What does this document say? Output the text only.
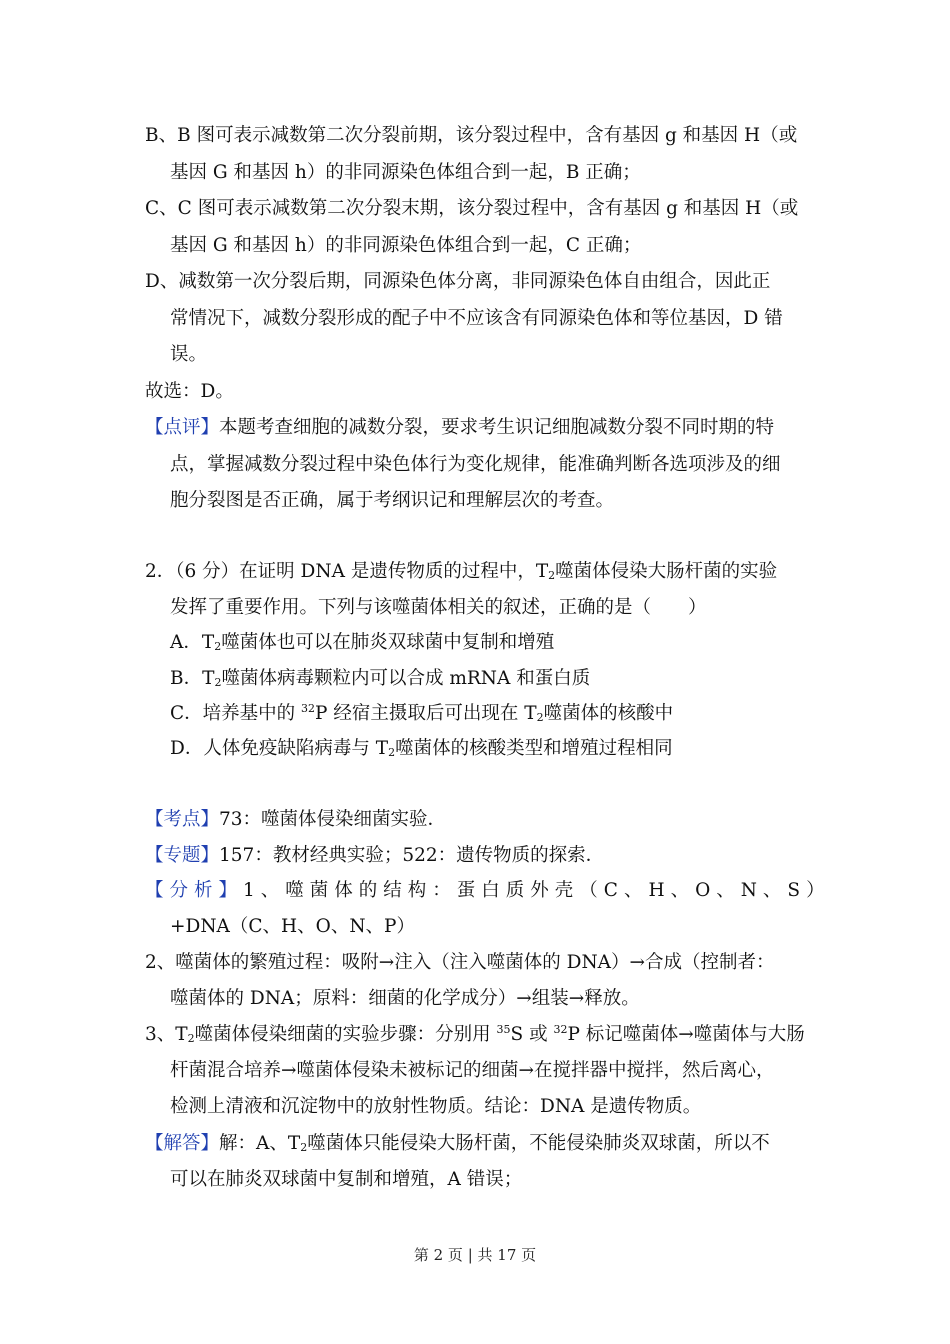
B、B 图可表示减数第二次分裂前期，该分裂过程中，含有基因 g 和基因 H（或
基因 G 和基因 h）的非同源染色体组合到一起，B 正确；
C、C 图可表示减数第二次分裂末期，该分裂过程中，含有基因 g 和基因 H（或
基因 G 和基因 h）的非同源染色体组合到一起，C 正确；
D、减数第一次分裂后期，同源染色体分离，非同源染色体自由组合，因此正
常情况下，减数分裂形成的配子中不应该含有同源染色体和等位基因，D 错
误。
故选：D。
【点评】本题考查细胞的减数分裂，要求考生识记细胞减数分裂不同时期的特
点，掌握减数分裂过程中染色体行为变化规律，能准确判断各选项涉及的细
胞分裂图是否正确，属于考纲识记和理解层次的考查。
2．（6 分）在证明 DNA 是遗传物质的过程中，$T_2$噬菌体侵染大肠杆菌的实验
发挥了重要作用。下列与该噬菌体相关的叙述，正确的是（　　）
A．$T_2$噬菌体也可以在肺炎双球菌中复制和增殖
B．$T_2$噬菌体病毒颗粒内可以合成 mRNA 和蛋白质
C．培养基中的 $^{32}$P 经宿主摄取后可出现在 $T_2$噬菌体的核酸中
D．人体免疫缺陷病毒与 $T_2$噬菌体的核酸类型和增殖过程相同
【考点】73：噬菌体侵染细菌实验．
【专题】157：教材经典实验；522：遗传物质的探索．
【分析】1、噬菌体的结构：蛋白质外壳（C、H、O、N、S）
+DNA（C、H、O、N、P）
2、噬菌体的繁殖过程：吸附→注入（注入噬菌体的 DNA）→合成（控制者：
噬菌体的 DNA；原料：细菌的化学成分）→组装→释放。
3、$T_2$噬菌体侵染细菌的实验步骤：分别用 $^{35}$S 或 $^{32}$P 标记噬菌体→噬菌体与大肠
杆菌混合培养→噬菌体侵染未被标记的细菌→在搅拌器中搅拌，然后离心，
检测上清液和沉淀物中的放射性物质。结论：DNA 是遗传物质。
【解答】解：A、$T_2$噬菌体只能侵染大肠杆菌，不能侵染肺炎双球菌，所以不
可以在肺炎双球菌中复制和增殖，A 错误；
第 2 页 | 共 17 页
